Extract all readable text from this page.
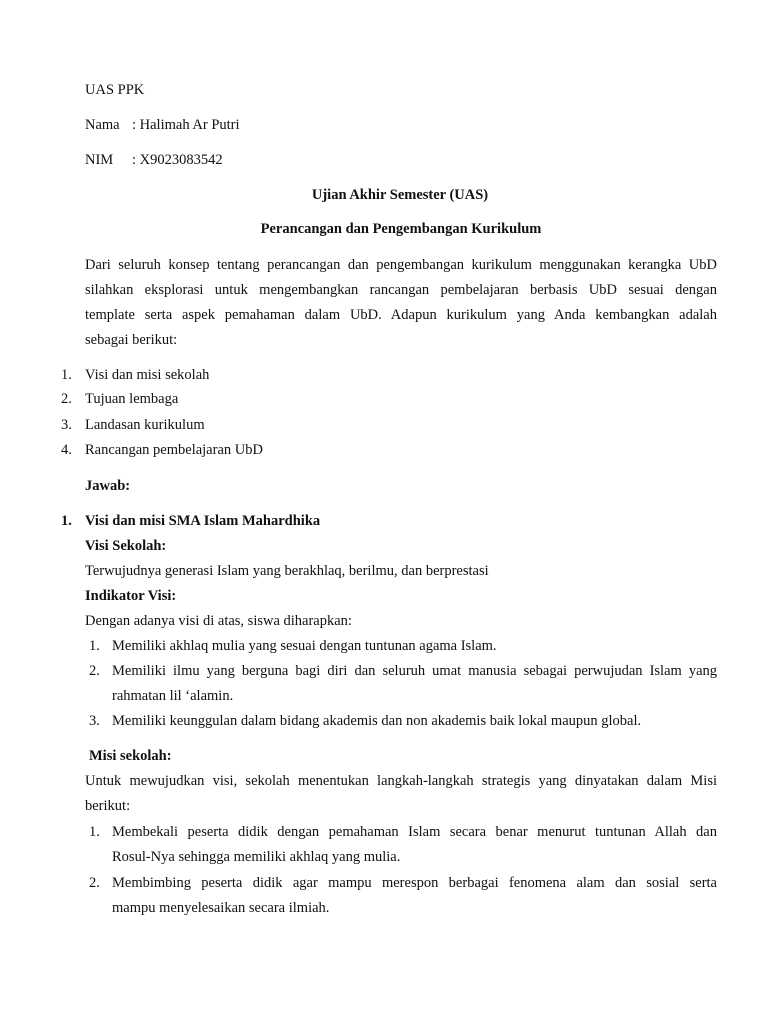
UAS PPK
Nama : Halimah Ar Putri
NIM : X9023083542
Ujian Akhir Semester (UAS)
Perancangan dan Pengembangan Kurikulum
Dari seluruh konsep tentang perancangan dan pengembangan kurikulum menggunakan kerangka UbD
silahkan eksplorasi untuk mengembangkan rancangan pembelajaran berbasis UbD sesuai dengan
template serta aspek pemahaman dalam UbD. Adapun kurikulum yang Anda kembangkan adalah
sebagai berikut:
1. Visi dan misi sekolah
2. Tujuan lembaga
3. Landasan kurikulum
4. Rancangan pembelajaran UbD
Jawab:
1. Visi dan misi SMA Islam Mahardhika
Visi Sekolah:
Terwujudnya generasi Islam yang berakhlaq, berilmu, dan berprestasi
Indikator Visi:
Dengan adanya visi di atas, siswa diharapkan:
1. Memiliki akhlaq mulia yang sesuai dengan tuntunan agama Islam.
2. Memiliki ilmu yang berguna bagi diri dan seluruh umat manusia sebagai perwujudan Islam yang
rahmatan lil ‘alamin.
3. Memiliki keunggulan dalam bidang akademis dan non akademis baik lokal maupun global.
Misi sekolah:
Untuk mewujudkan visi, sekolah menentukan langkah-langkah strategis yang dinyatakan dalam Misi
berikut:
1. Membekali peserta didik dengan pemahaman Islam secara benar menurut tuntunan Allah dan
Rosul-Nya sehingga memiliki akhlaq yang mulia.
2. Membimbing peserta didik agar mampu merespon berbagai fenomena alam dan sosial serta
mampu menyelesaikan secara ilmiah.
